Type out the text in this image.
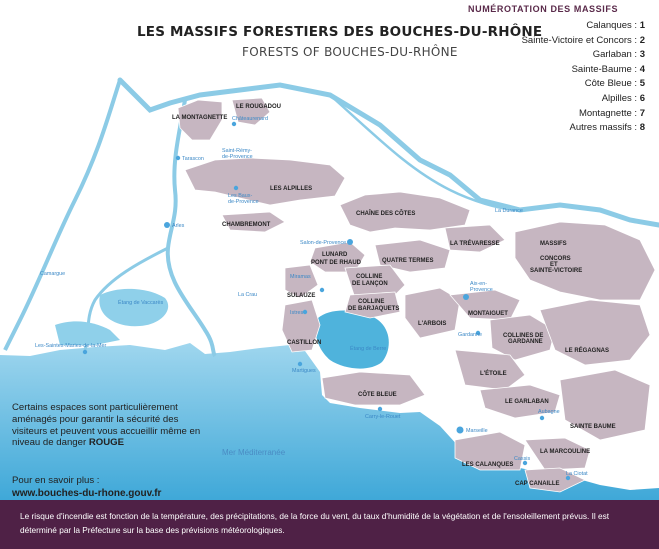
LA MONTAGNETTE
LE ROUGADOU
LES ALPILLES
CHAMBREMONT
CHAÎNE DES CÔTES
LA TRÉVARESSE	MASSIFS
CONCORS
ET
SAINTE-VICTOIRE
LUNARD
PONT DE RHAUD	QUATRE TERMES
COLLINE
DE LANÇON
COLLINE
DE BARJAQUETS
SULAUZE
CASTILLON
L'ARBOIS
MONTAIGUET
COLLINES DE
GARDANNE
LE RÉGAGNAS
L'ÉTOILE
LE GARLABAN
CÔTE BLEUE
SAINTE BAUME
LA MARCOULINE
LES CALANQUES
CAP CANAILLE
Châteaurenard
Tarascon
Saint-Rémy-
de-Provence
Les Baux-
de-Provence
Arles
Salon-de-Provence
Miramas
Istres
Martigues
Aix-en-
Provence
Gardanne
Carry-le-Rouet
Marseille
Aubagne
Cassis
La Ciotat
Les-Saintes-Maries-de-la-Mer
Camargue
Étang de Vaccarès
La Crau
Étang de Berre
Mer Méditerranée
La Durance
LES MASSIFS FORESTIERS DES BOUCHES-DU-RHÔNE
FORESTS OF BOUCHES-DU-RHÔNE
NUMÉROTATION DES MASSIFS
Calanques : 1
Sainte-Victoire et Concors : 2
Garlaban : 3
Sainte-Baume : 4
Côte Bleue : 5
Alpilles : 6
Montagnette : 7
Autres massifs : 8
Certains espaces sont particulièrement aménagés pour garantir la sécurité des visiteurs et peuvent vous accueillir même en niveau de danger ROUGE
Pour en savoir plus :
www.bouches-du-rhone.gouv.fr

Le risque d'incendie est fonction de la température, des précipitations, de la force du vent, du taux d'humidité de la végétation et de l'ensoleillement prévus. Il est déterminé par la Préfecture sur la base des prévisions météorologiques.
